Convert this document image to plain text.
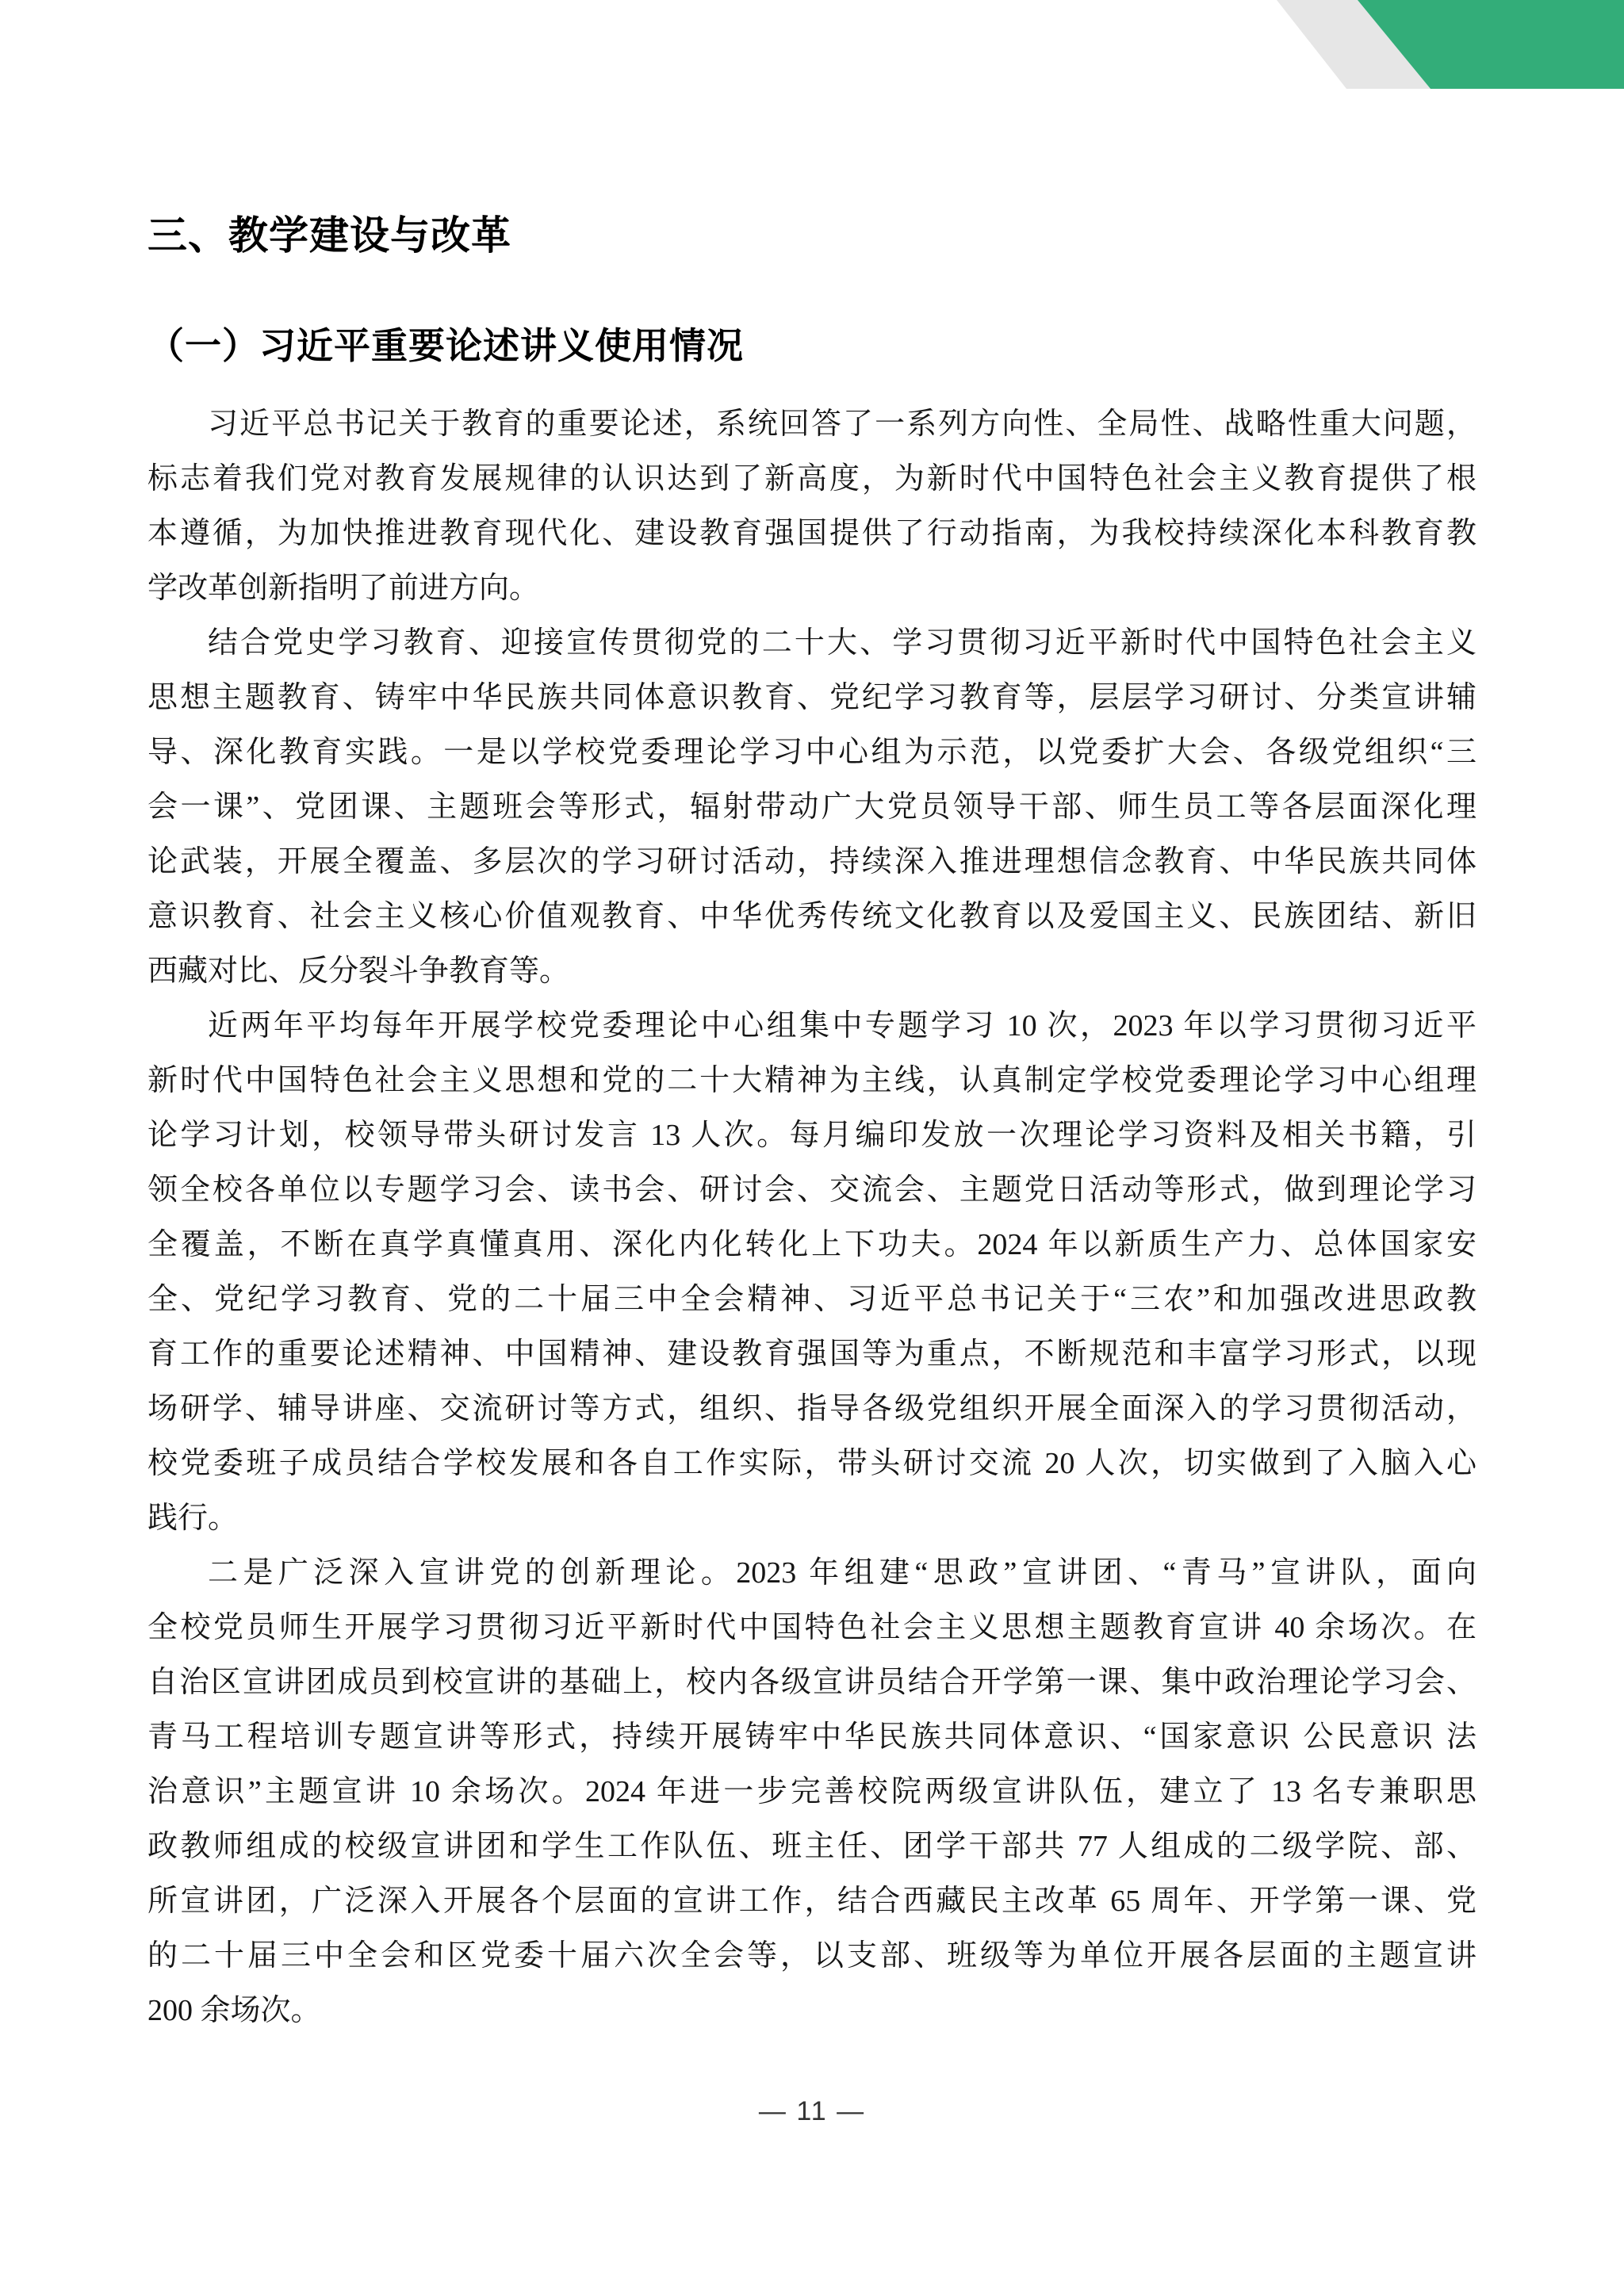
三、教学建设与改革
（一）习近平重要论述讲义使用情况
习近平总书记关于教育的重要论述，系统回答了一系列方向性、全局性、战略性重大问题，
标志着我们党对教育发展规律的认识达到了新高度，为新时代中国特色社会主义教育提供了根
本遵循，为加快推进教育现代化、建设教育强国提供了行动指南，为我校持续深化本科教育教
学改革创新指明了前进方向。
结合党史学习教育、迎接宣传贯彻党的二十大、学习贯彻习近平新时代中国特色社会主义
思想主题教育、铸牢中华民族共同体意识教育、党纪学习教育等，层层学习研讨、分类宣讲辅
导、深化教育实践。一是以学校党委理论学习中心组为示范，以党委扩大会、各级党组织“三
会一课”、党团课、主题班会等形式，辐射带动广大党员领导干部、师生员工等各层面深化理
论武装，开展全覆盖、多层次的学习研讨活动，持续深入推进理想信念教育、中华民族共同体
意识教育、社会主义核心价值观教育、中华优秀传统文化教育以及爱国主义、民族团结、新旧
西藏对比、反分裂斗争教育等。
近两年平均每年开展学校党委理论中心组集中专题学习 10 次，2023 年以学习贯彻习近平
新时代中国特色社会主义思想和党的二十大精神为主线，认真制定学校党委理论学习中心组理
论学习计划，校领导带头研讨发言 13 人次。每月编印发放一次理论学习资料及相关书籍，引
领全校各单位以专题学习会、读书会、研讨会、交流会、主题党日活动等形式，做到理论学习
全覆盖，不断在真学真懂真用、深化内化转化上下功夫。2024 年以新质生产力、总体国家安
全、党纪学习教育、党的二十届三中全会精神、习近平总书记关于“三农”和加强改进思政教
育工作的重要论述精神、中国精神、建设教育强国等为重点，不断规范和丰富学习形式，以现
场研学、辅导讲座、交流研讨等方式，组织、指导各级党组织开展全面深入的学习贯彻活动，
校党委班子成员结合学校发展和各自工作实际，带头研讨交流 20 人次，切实做到了入脑入心
践行。
二是广泛深入宣讲党的创新理论。2023 年组建“思政”宣讲团、“青马”宣讲队，面向
全校党员师生开展学习贯彻习近平新时代中国特色社会主义思想主题教育宣讲 40 余场次。在
自治区宣讲团成员到校宣讲的基础上，校内各级宣讲员结合开学第一课、集中政治理论学习会、
青马工程培训专题宣讲等形式，持续开展铸牢中华民族共同体意识、“国家意识 公民意识 法
治意识”主题宣讲 10 余场次。2024 年进一步完善校院两级宣讲队伍，建立了 13 名专兼职思
政教师组成的校级宣讲团和学生工作队伍、班主任、团学干部共 77 人组成的二级学院、部、
所宣讲团，广泛深入开展各个层面的宣讲工作，结合西藏民主改革 65 周年、开学第一课、党
的二十届三中全会和区党委十届六次全会等，以支部、班级等为单位开展各层面的主题宣讲
200 余场次。
— 11 —
